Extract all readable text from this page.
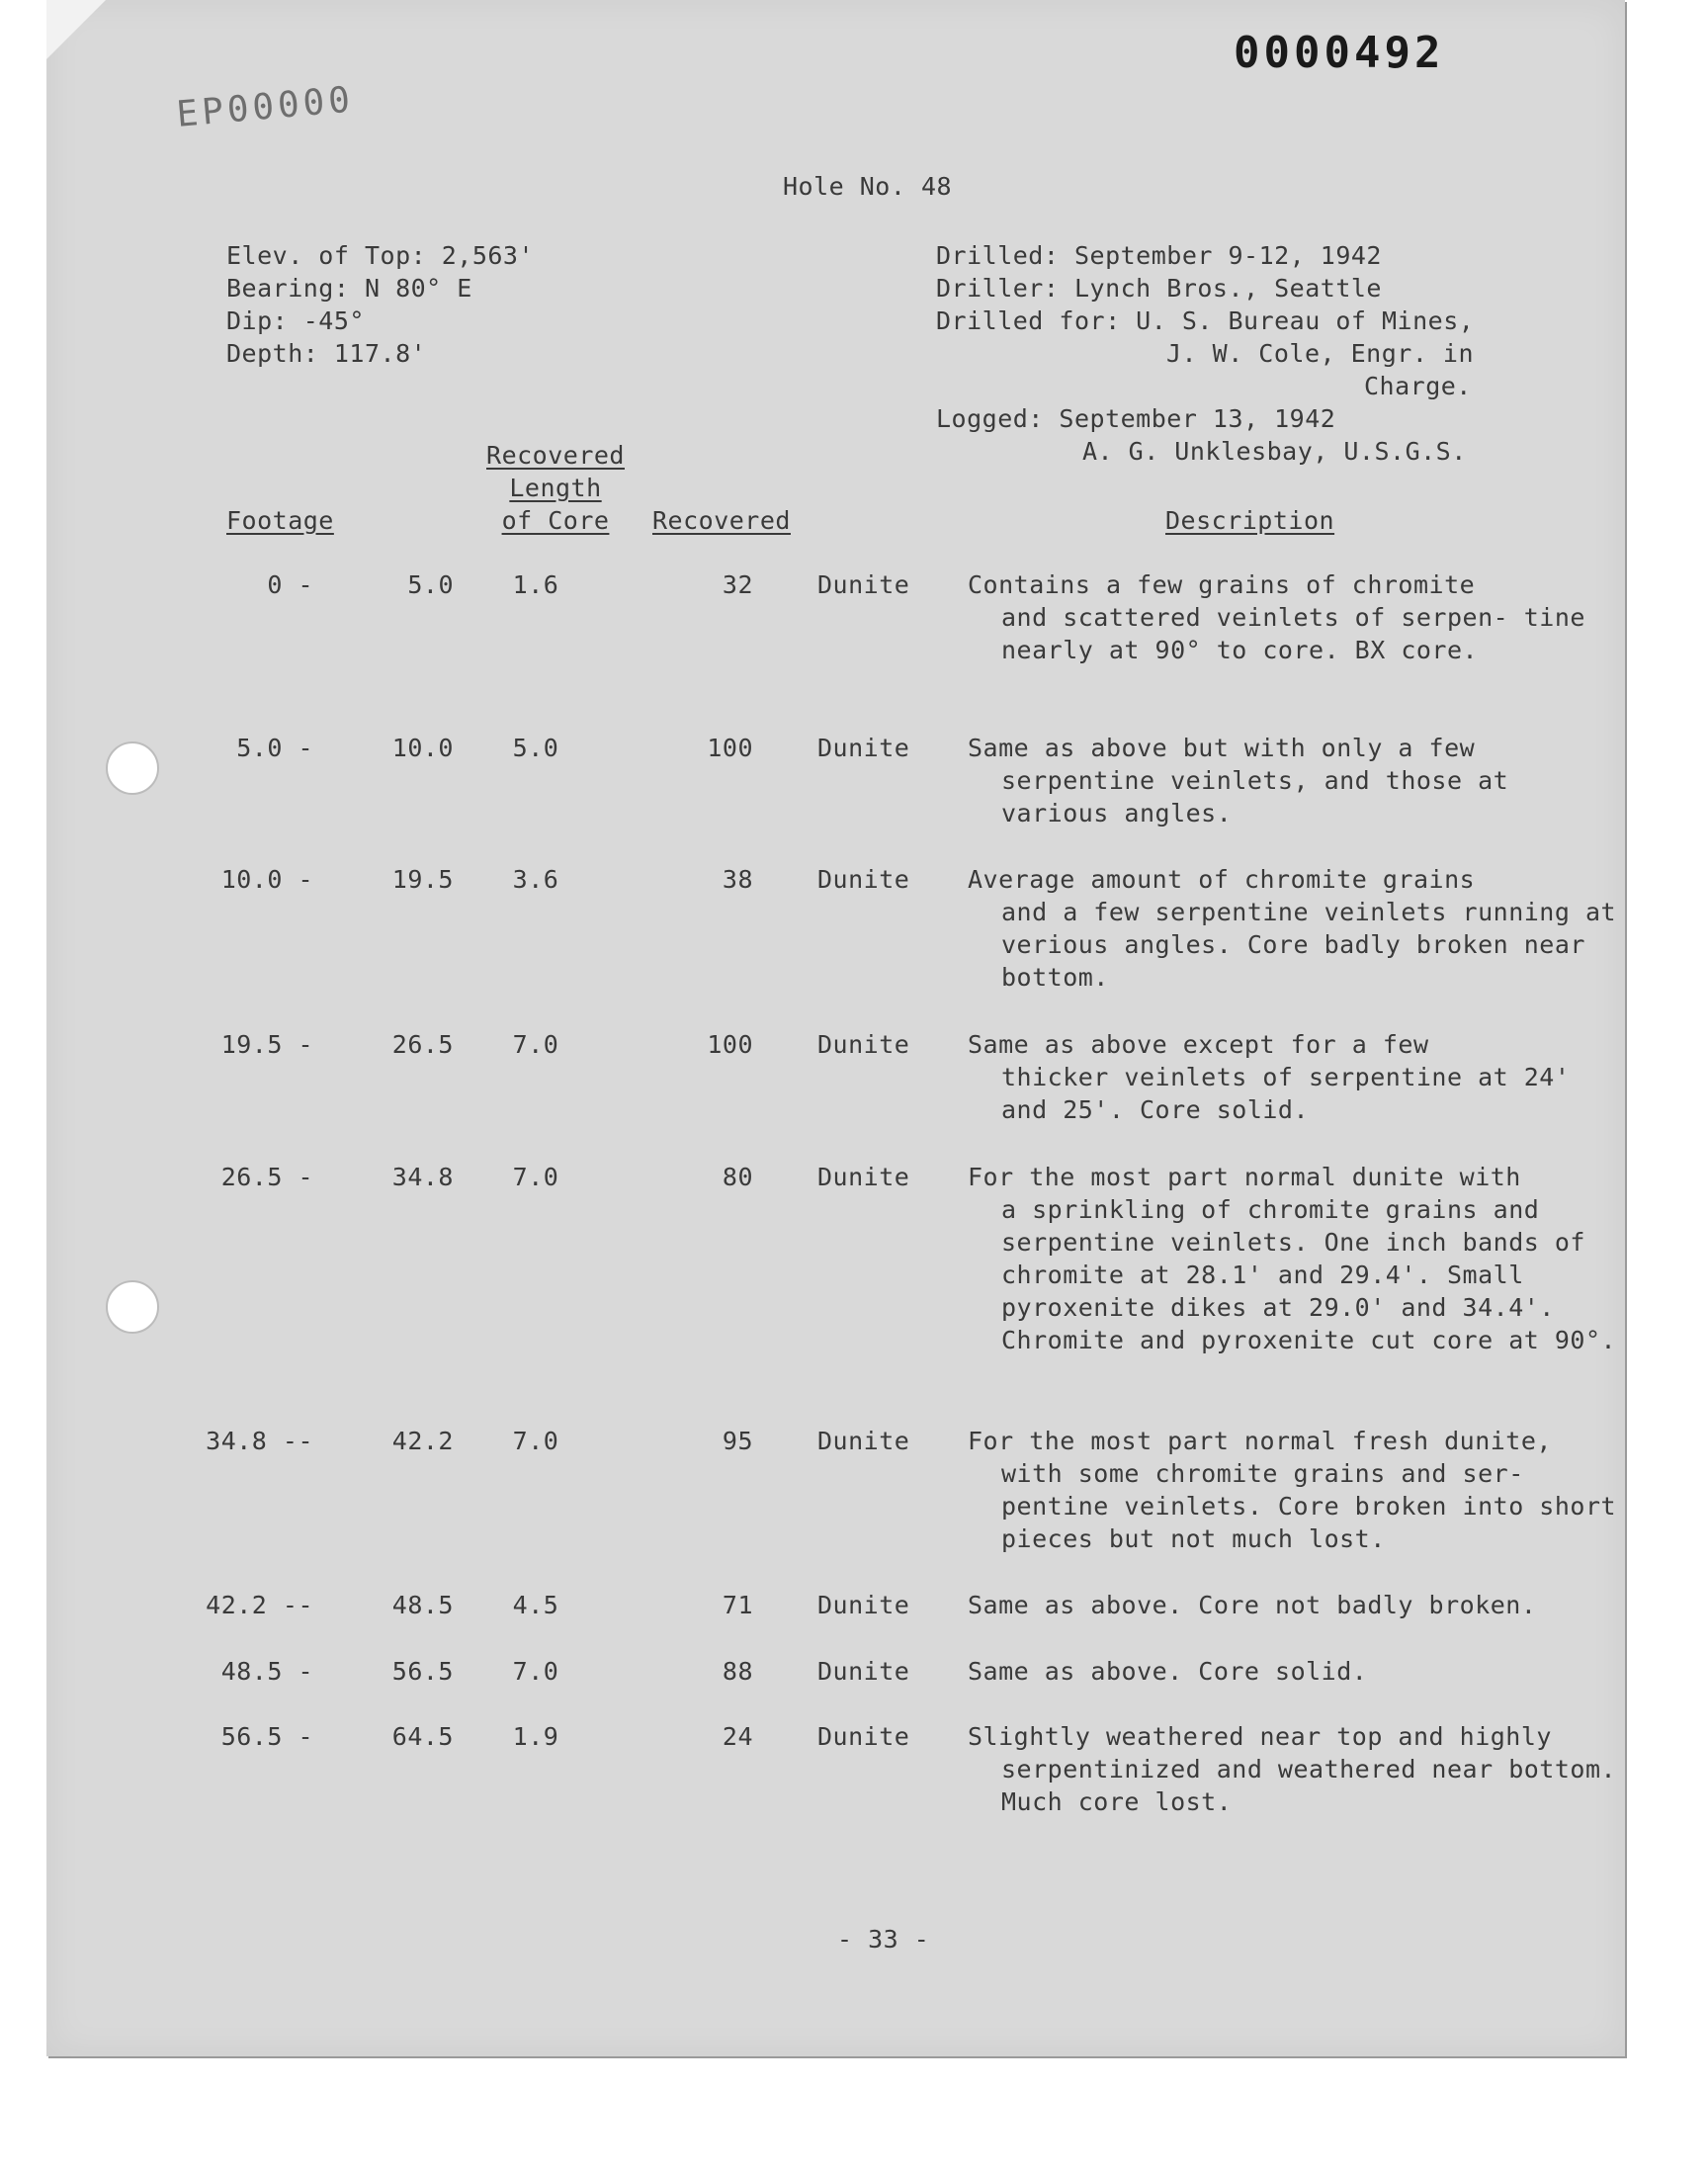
0000492
EP00000
Hole No. 48
Elev. of Top: 2,563'
Bearing: N 80° E
Dip: -45°
Depth: 117.8'
Drilled: September 9-12, 1942
Driller: Lynch Bros., Seattle
Drilled for: U. S. Bureau of Mines,
J. W. Cole, Engr. in
Charge.
Logged: September 13, 1942
A. G. Unklesbay, U.S.G.S.
Footage
Recovered
Length
of Core	Recovered	Description
0 -	5.0	1.6	32	Dunite Contains a few grains of chromite
and scattered veinlets of serpen- tine nearly at 90° to core. BX core.
5.0 -	10.0	5.0	100	Dunite Same as above but with only a few
serpentine veinlets, and those at various angles.
10.0 -	19.5	3.6	38	Dunite Average amount of chromite grains
and a few serpentine veinlets running at verious angles. Core badly broken near bottom.
19.5 -	26.5	7.0	100	Dunite Same as above except for a few
thicker veinlets of serpentine at 24' and 25'. Core solid.
26.5 -	34.8	7.0	80	Dunite For the most part normal dunite with
a sprinkling of chromite grains and serpentine veinlets. One inch bands of chromite at 28.1' and 29.4'. Small pyroxenite dikes at 29.0' and 34.4'. Chromite and pyroxenite cut core at 90°.
34.8 --	42.2	7.0	95	Dunite For the most part normal fresh dunite,
with some chromite grains and ser- pentine veinlets. Core broken into short pieces but not much lost.
42.2 --	48.5	4.5	71	Dunite Same as above. Core not badly broken.
48.5 -	56.5	7.0	88	Dunite Same as above. Core solid.
56.5 -	64.5	1.9	24	Dunite Slightly weathered near top and highly
serpentinized and weathered near bottom. Much core lost.
- 33 -
